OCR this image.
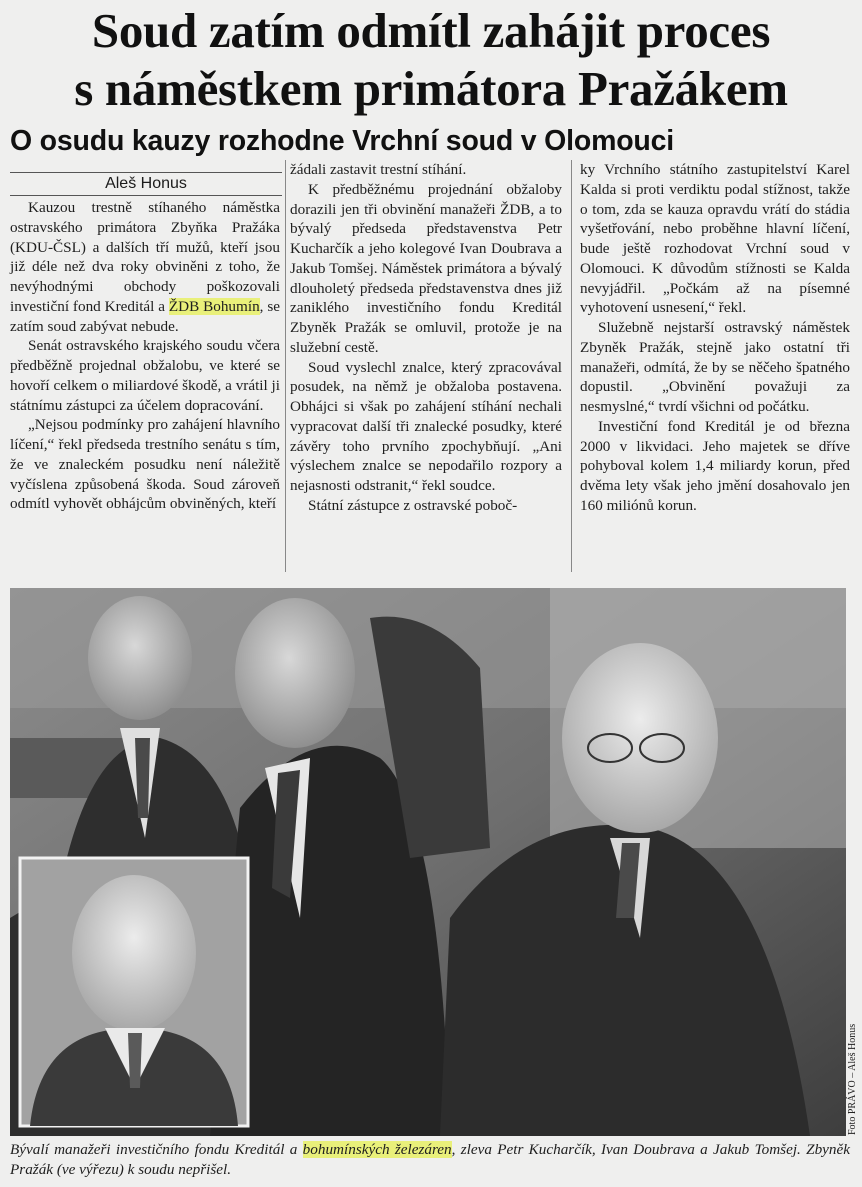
Soud zatím odmítl zahájit proces
s náměstkem primátora Pražákem
O osudu kauzy rozhodne Vrchní soud v Olomouci
Aleš Honus

Kauzou trestně stíhaného náměstka ostravského primátora Zbyňka Pražáka (KDU-ČSL) a dalších tří mužů, kteří jsou již déle než dva roky obviněni z toho, že nevýhodnými obchody poškozovali investiční fond Kreditál a ŽDB Bohumín, se zatím soud zabývat nebude.

Senát ostravského krajského soudu včera předběžně projednal obžalobu, ve které se hovoří celkem o miliardové škodě, a vrátil ji státnímu zástupci za účelem dopracování.

„Nejsou podmínky pro zahájení hlavního líčení,“ řekl předseda trestního senátu s tím, že ve znaleckém posudku není náležitě vyčíslena způsobená škoda. Soud zároveň odmítl vyhovět obhájcům obviněných, kteří

žádali zastavit trestní stíhání.

K předběžnému projednání obžaloby dorazili jen tři obvinění manažeři ŽDB, a to bývalý předseda představenstva Petr Kucharčík a jeho kolegové Ivan Doubrava a Jakub Tomšej. Náměstek primátora a bývalý dlouholetý předseda představenstva dnes již zaniklého investičního fondu Kreditál Zbyněk Pražák se omluvil, protože je na služební cestě.

Soud vyslechl znalce, který zpracovával posudek, na němž je obžaloba postavena. Obhájci si však po zahájení stíhání nechali vypracovat další tři znalecké posudky, které závěry toho prvního zpochybňují. „Ani výslechem znalce se nepodařilo rozpory a nejasnosti odstranit,“ řekl soudce.

Státní zástupce z ostravské poboč-

ky Vrchního státního zastupitelství Karel Kalda si proti verdiktu podal stížnost, takže o tom, zda se kauza opravdu vrátí do stádia vyšetřování, nebo proběhne hlavní líčení, bude ještě rozhodovat Vrchní soud v Olomouci. K důvodům stížnosti se Kalda nevyjádřil. „Počkám až na písemné vyhotovení usnesení,“ řekl.

Služebně nejstarší ostravský náměstek Zbyněk Pražák, stejně jako ostatní tři manažeři, odmítá, že by se něčeho špatného dopustil. „Obvinění považuji za nesmyslné,“ tvrdí všichni od počátku.

Investiční fond Kreditál je od března 2000 v likvidaci. Jeho majetek se dříve pohyboval kolem 1,4 miliardy korun, před dvěma lety však jeho jmění dosahovalo jen 160 miliónů korun.

Foto PRÁVO – Aleš Honus
Bývalí manažeři investičního fondu Kreditál a bohumínských železáren, zleva Petr Kucharčík, Ivan Doubrava a Jakub Tomšej. Zbyněk Pražák (ve výřezu) k soudu nepřišel.
